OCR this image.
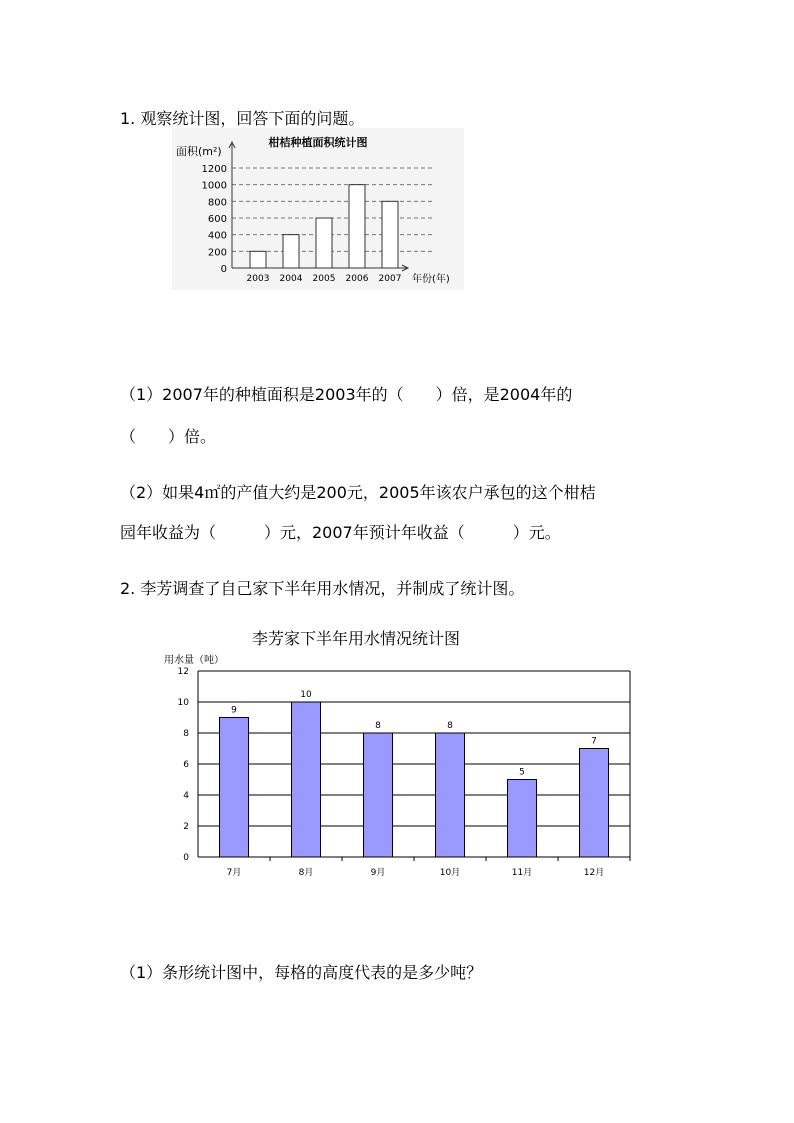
1. 观察统计图，回答下面的问题。
柑桔种植面积统计图
面积(m²)
年份(年)
0
200
400
600
800
1000
1200
2003 2004 2005 2006 2007
（1）2007年的种植面积是2003年的（　　）倍，是2004年的
（　　）倍。
（2）如果4㎡的产值大约是200元，2005年该农户承包的这个柑桔
园年收益为（　　　）元，2007年预计年收益（　　　）元。
2. 李芳调查了自己家下半年用水情况，并制成了统计图。
李芳家下半年用水情况统计图
用水量（吨）
9
10
8	8
5
7
0
2
4
6
8
10
12
7月	8月	9月	10月	11月	12月
（1）条形统计图中，每格的高度代表的是多少吨？
